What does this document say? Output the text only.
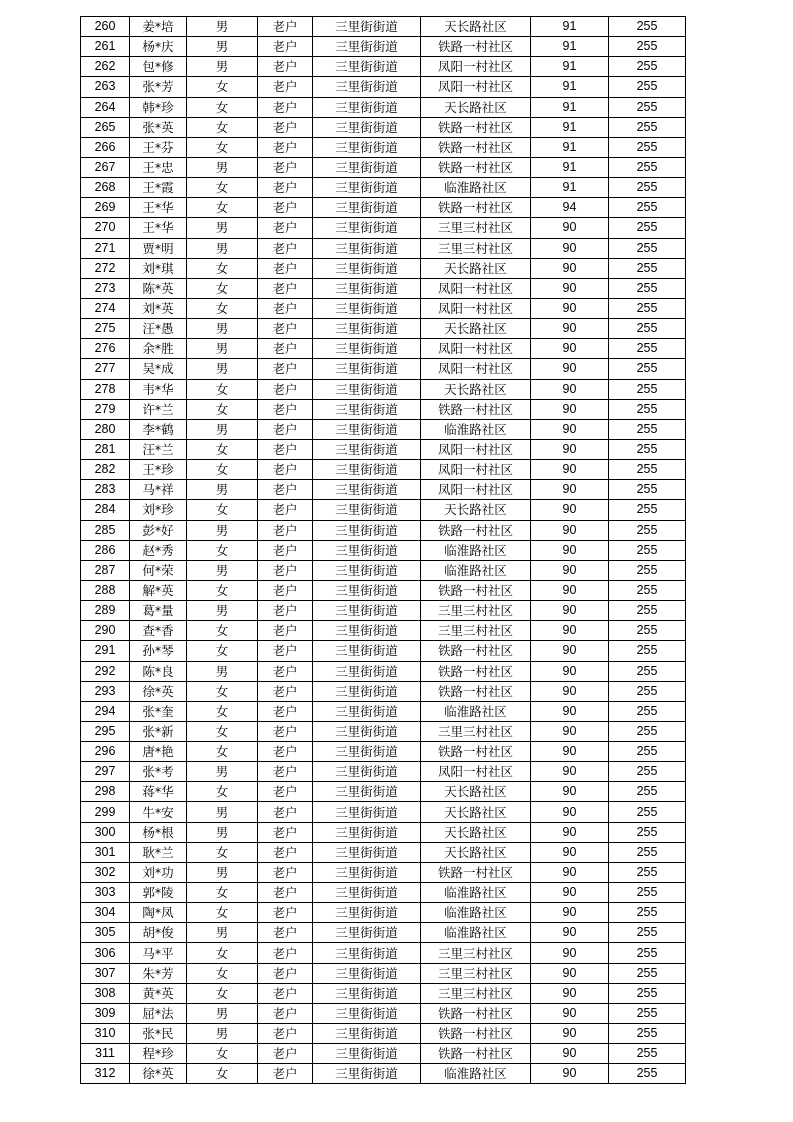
260	姜*培	男	老户	三里街街道	天长路社区	91	255
261	杨*庆	男	老户	三里街街道	铁路一村社区	91	255
262	包*修	男	老户	三里街街道	凤阳一村社区	91	255
263	张*芳	女	老户	三里街街道	凤阳一村社区	91	255
264	韩*珍	女	老户	三里街街道	天长路社区	91	255
265	张*英	女	老户	三里街街道	铁路一村社区	91	255
266	王*芬	女	老户	三里街街道	铁路一村社区	91	255
267	王*忠	男	老户	三里街街道	铁路一村社区	91	255
268	王*霞	女	老户	三里街街道	临淮路社区	91	255
269	王*华	女	老户	三里街街道	铁路一村社区	94	255
270	王*华	男	老户	三里街街道	三里三村社区	90	255
271	贾*明	男	老户	三里街街道	三里三村社区	90	255
272	刘*琪	女	老户	三里街街道	天长路社区	90	255
273	陈*英	女	老户	三里街街道	凤阳一村社区	90	255
274	刘*英	女	老户	三里街街道	凤阳一村社区	90	255
275	汪*愚	男	老户	三里街街道	天长路社区	90	255
276	余*胜	男	老户	三里街街道	凤阳一村社区	90	255
277	吴*成	男	老户	三里街街道	凤阳一村社区	90	255
278	韦*华	女	老户	三里街街道	天长路社区	90	255
279	许*兰	女	老户	三里街街道	铁路一村社区	90	255
280	李*鹤	男	老户	三里街街道	临淮路社区	90	255
281	汪*兰	女	老户	三里街街道	凤阳一村社区	90	255
282	王*珍	女	老户	三里街街道	凤阳一村社区	90	255
283	马*祥	男	老户	三里街街道	凤阳一村社区	90	255
284	刘*珍	女	老户	三里街街道	天长路社区	90	255
285	彭*好	男	老户	三里街街道	铁路一村社区	90	255
286	赵*秀	女	老户	三里街街道	临淮路社区	90	255
287	何*荣	男	老户	三里街街道	临淮路社区	90	255
288	解*英	女	老户	三里街街道	铁路一村社区	90	255
289	葛*量	男	老户	三里街街道	三里三村社区	90	255
290	查*香	女	老户	三里街街道	三里三村社区	90	255
291	孙*琴	女	老户	三里街街道	铁路一村社区	90	255
292	陈*良	男	老户	三里街街道	铁路一村社区	90	255
293	徐*英	女	老户	三里街街道	铁路一村社区	90	255
294	张*奎	女	老户	三里街街道	临淮路社区	90	255
295	张*新	女	老户	三里街街道	三里三村社区	90	255
296	唐*艳	女	老户	三里街街道	铁路一村社区	90	255
297	张*考	男	老户	三里街街道	凤阳一村社区	90	255
298	蒋*华	女	老户	三里街街道	天长路社区	90	255
299	牛*安	男	老户	三里街街道	天长路社区	90	255
300	杨*根	男	老户	三里街街道	天长路社区	90	255
301	耿*兰	女	老户	三里街街道	天长路社区	90	255
302	刘*功	男	老户	三里街街道	铁路一村社区	90	255
303	郭*陵	女	老户	三里街街道	临淮路社区	90	255
304	陶*凤	女	老户	三里街街道	临淮路社区	90	255
305	胡*俊	男	老户	三里街街道	临淮路社区	90	255
306	马*平	女	老户	三里街街道	三里三村社区	90	255
307	朱*芳	女	老户	三里街街道	三里三村社区	90	255
308	黄*英	女	老户	三里街街道	三里三村社区	90	255
309	屈*法	男	老户	三里街街道	铁路一村社区	90	255
310	张*民	男	老户	三里街街道	铁路一村社区	90	255
311	程*珍	女	老户	三里街街道	铁路一村社区	90	255
312	徐*英	女	老户	三里街街道	临淮路社区	90	255
